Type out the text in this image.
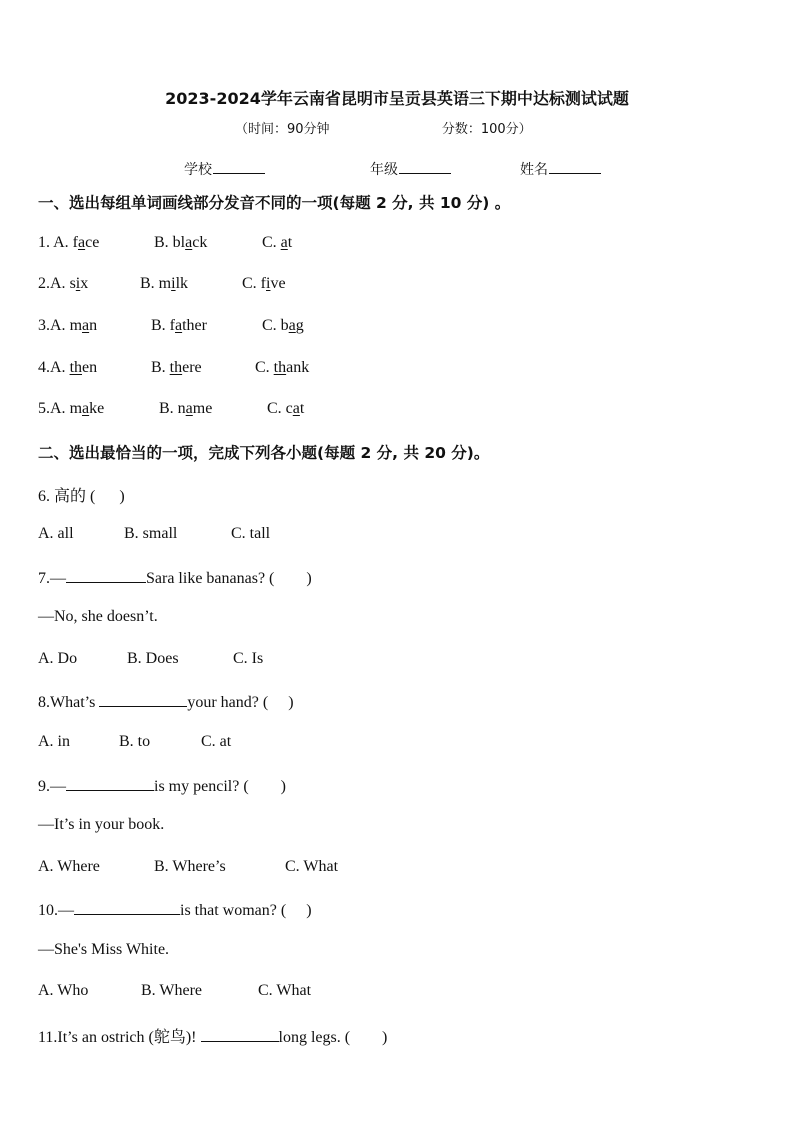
2023-2024学年云南省昆明市呈贡县英语三下期中达标测试试题
（时间：90分钟	分数：100分）
学校	年级	姓名
一、选出每组单词画线部分发音不同的一项(每题 2 分, 共 10 分) 。
1. A. face	B. black	C. at
2.A. six	B. milk	C. five
3.A. man	B. father	C. bag
4.A. then	B. there	C. thank
5.A. make	B. name	C. cat
二、选出最恰当的一项，完成下列各小题(每题 2 分, 共 20 分)。
6. 高的 ( )
A. all	B. small	C. tall
7.—	Sara like bananas? ( )
—No, she doesn’t.
A. Do	B. Does	C. Is
8.What’s	your hand? ( )
A. in	B. to	C. at
9.—	is my pencil? ( )
—It’s in your book.
A. Where	B. Where’s	C. What
10.—	is that woman? ( )
—She's Miss White.
A. Who	B. Where	C. What
11.It’s an ostrich (鸵鸟)!	long legs. ( )
